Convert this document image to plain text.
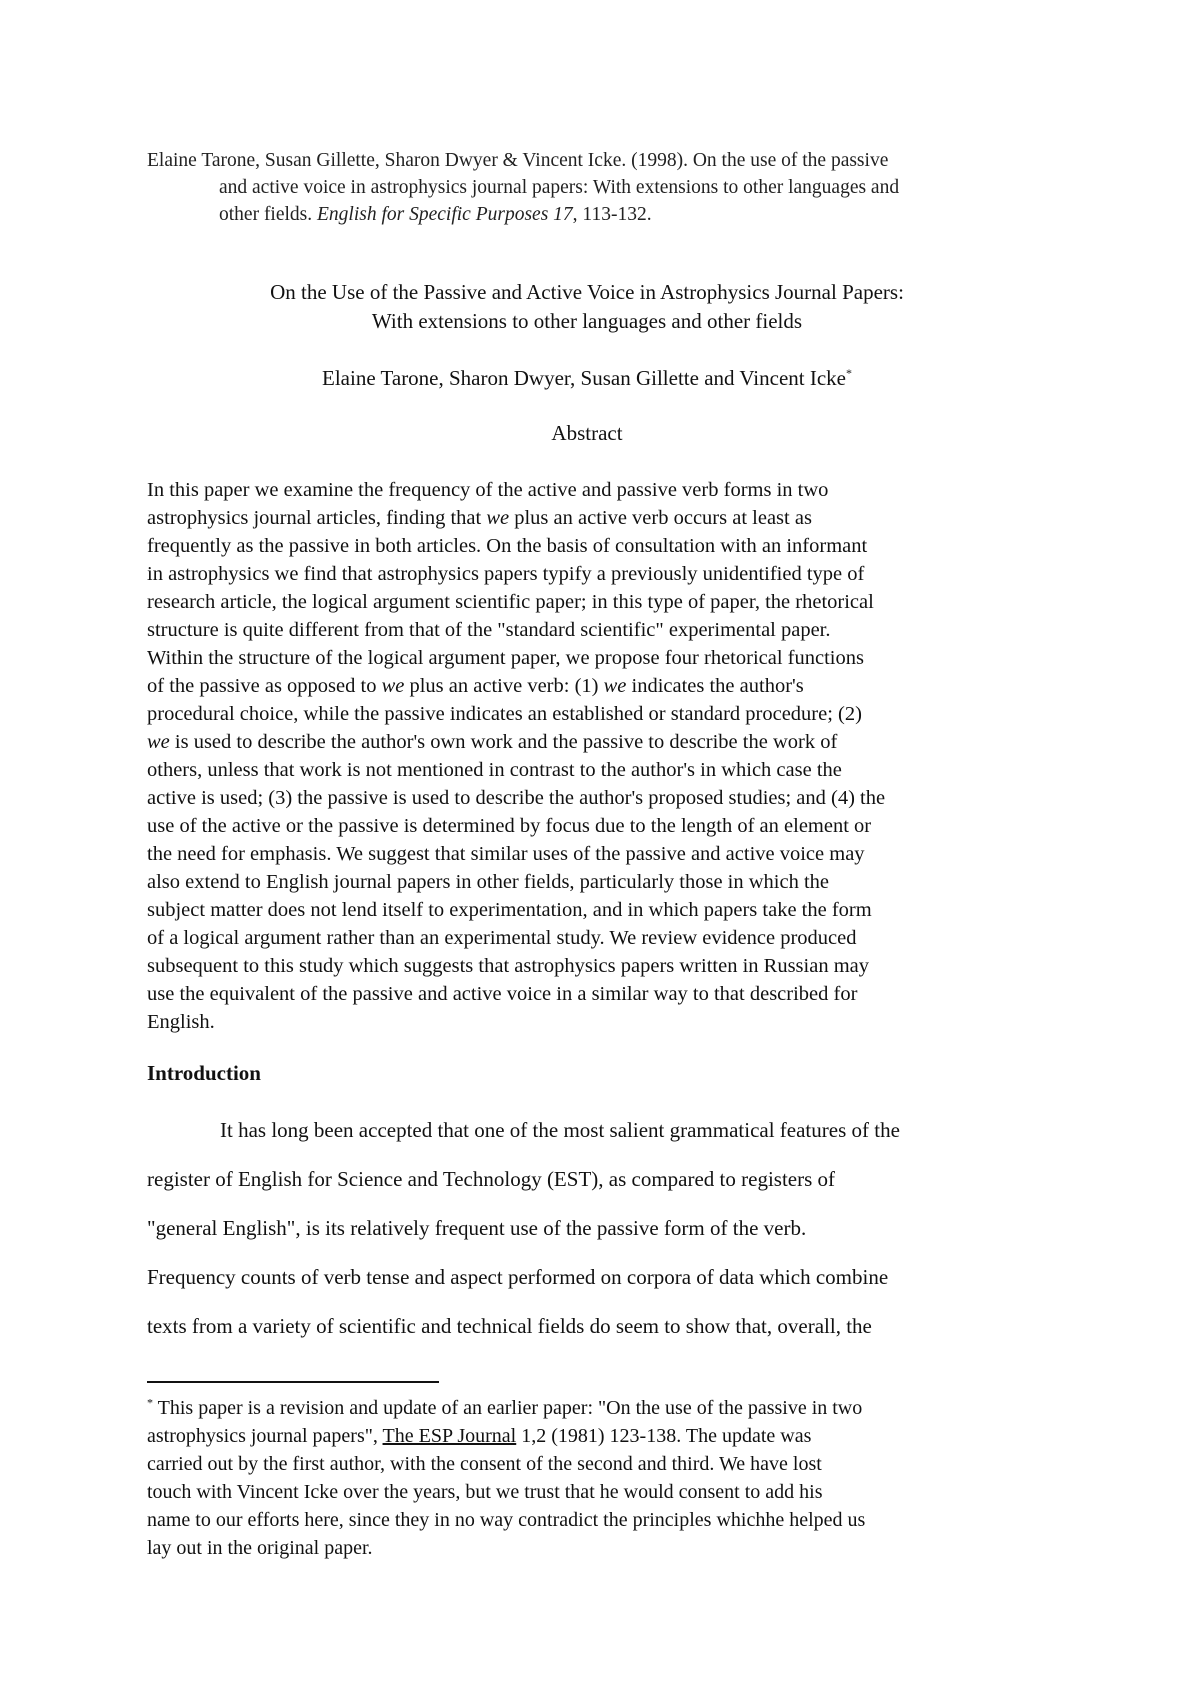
Elaine Tarone, Susan Gillette, Sharon Dwyer & Vincent Icke. (1998). On the use of the passive
and active voice in astrophysics journal papers: With extensions to other languages and
other fields. English for Specific Purposes 17, 113-132.
On the Use of the Passive and Active Voice in Astrophysics Journal Papers:
With extensions to other languages and other fields
Elaine Tarone, Sharon Dwyer, Susan Gillette and Vincent Icke*
Abstract
In this paper we examine the frequency of the active and passive verb forms in two
astrophysics journal articles, finding that we plus an active verb occurs at least as
frequently as the passive in both articles. On the basis of consultation with an informant
in astrophysics we find that astrophysics papers typify a previously unidentified type of
research article, the logical argument scientific paper; in this type of paper, the rhetorical
structure is quite different from that of the "standard scientific" experimental paper.
Within the structure of the logical argument paper, we propose four rhetorical functions
of the passive as opposed to we plus an active verb: (1) we indicates the author's
procedural choice, while the passive indicates an established or standard procedure; (2)
we is used to describe the author's own work and the passive to describe the work of
others, unless that work is not mentioned in contrast to the author's in which case the
active is used; (3) the passive is used to describe the author's proposed studies; and (4) the
use of the active or the passive is determined by focus due to the length of an element or
the need for emphasis. We suggest that similar uses of the passive and active voice may
also extend to English journal papers in other fields, particularly those in which the
subject matter does not lend itself to experimentation, and in which papers take the form
of a logical argument rather than an experimental study. We review evidence produced
subsequent to this study which suggests that astrophysics papers written in Russian may
use the equivalent of the passive and active voice in a similar way to that described for
English.
Introduction
It has long been accepted that one of the most salient grammatical features of the
register of English for Science and Technology (EST), as compared to registers of
"general English", is its relatively frequent use of the passive form of the verb.
Frequency counts of verb tense and aspect performed on corpora of data which combine
texts from a variety of scientific and technical fields do seem to show that, overall, the
* This paper is a revision and update of an earlier paper: "On the use of the passive in two
astrophysics journal papers", The ESP Journal 1,2 (1981) 123-138. The update was
carried out by the first author, with the consent of the second and third. We have lost
touch with Vincent Icke over the years, but we trust that he would consent to add his
name to our efforts here, since they in no way contradict the principles whichhe helped us
lay out in the original paper.
